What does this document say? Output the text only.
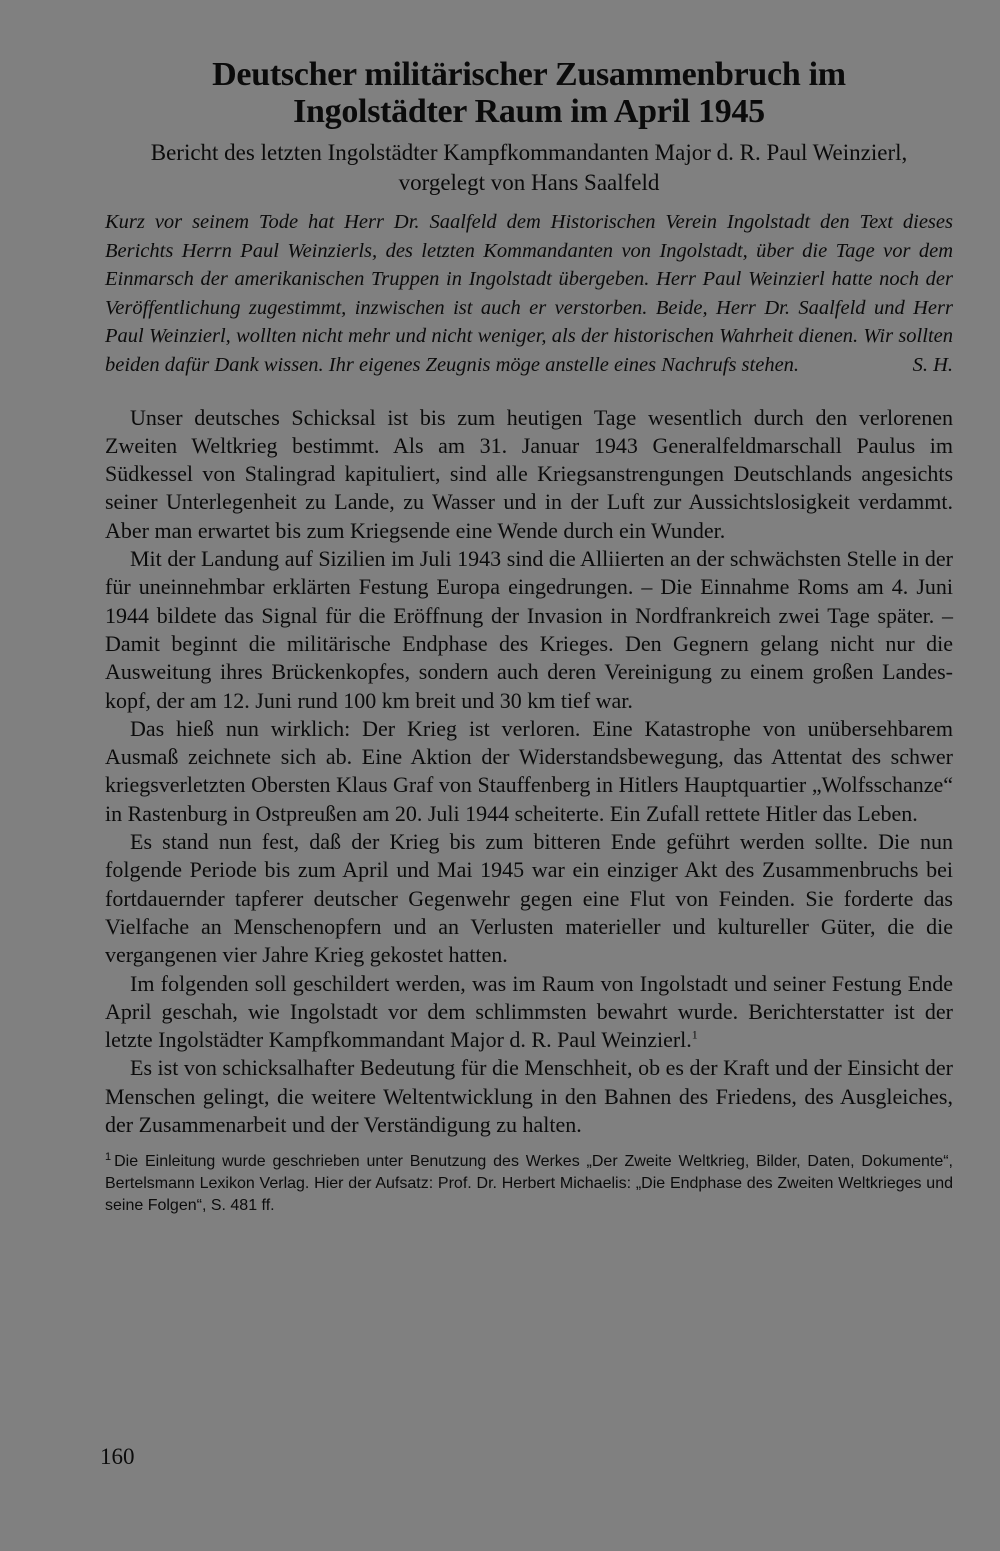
Deutscher militärischer Zusammenbruch im
Ingolstädter Raum im April 1945

Bericht des letzten Ingolstädter Kampfkommandanten Major d. R. Paul Weinzierl, vorgelegt von Hans Saalfeld

Kurz vor seinem Tode hat Herr Dr. Saalfeld dem Historischen Verein Ingolstadt den Text dieses Berichts Herrn Paul Weinzierls, des letzten Kommandanten von Ingolstadt, über die Tage vor dem Einmarsch der amerikanischen Truppen in Ingolstadt übergeben. Herr Paul Weinzierl hatte noch der Veröffentlichung zugestimmt, inzwischen ist auch er verstorben. Beide, Herr Dr. Saalfeld und Herr Paul Weinzierl, wollten nicht mehr und nicht weniger, als der historischen Wahrheit dienen. Wir sollten beiden dafür Dank wissen. Ihr eigenes Zeugnis möge anstelle eines Nachrufs stehen.	S. H.

Unser deutsches Schicksal ist bis zum heutigen Tage wesentlich durch den verlorenen Zweiten Weltkrieg bestimmt. Als am 31. Januar 1943 Generalfeldmarschall Paulus im Südkessel von Stalingrad kapituliert, sind alle Kriegsanstrengungen Deutschlands angesichts seiner Unterlegenheit zu Lande, zu Wasser und in der Luft zur Aussichtslosigkeit verdammt. Aber man erwartet bis zum Kriegsende eine Wende durch ein Wunder.

Mit der Landung auf Sizilien im Juli 1943 sind die Alliierten an der schwächsten Stelle in der für uneinnehmbar erklärten Festung Europa eingedrungen. – Die Einnahme Roms am 4. Juni 1944 bildete das Signal für die Eröffnung der Invasion in Nordfrankreich zwei Tage später. – Damit beginnt die militärische Endphase des Krieges. Den Gegnern gelang nicht nur die Ausweitung ihres Brückenkopfes, sondern auch deren Vereinigung zu einem großen Landeskopf, der am 12. Juni rund 100 km breit und 30 km tief war.

Das hieß nun wirklich: Der Krieg ist verloren. Eine Katastrophe von unübersehbarem Ausmaß zeichnete sich ab. Eine Aktion der Widerstandsbewegung, das Attentat des schwer kriegsverletzten Obersten Klaus Graf von Stauffenberg in Hitlers Hauptquartier „Wolfsschanze“ in Rastenburg in Ostpreußen am 20. Juli 1944 scheiterte. Ein Zufall rettete Hitler das Leben.

Es stand nun fest, daß der Krieg bis zum bitteren Ende geführt werden sollte. Die nun folgende Periode bis zum April und Mai 1945 war ein einziger Akt des Zusammenbruchs bei fortdauernder tapferer deutscher Gegenwehr gegen eine Flut von Feinden. Sie forderte das Vielfache an Menschenopfern und an Verlusten materieller und kultureller Güter, die die vergangenen vier Jahre Krieg gekostet hatten.

Im folgenden soll geschildert werden, was im Raum von Ingolstadt und seiner Festung Ende April geschah, wie Ingolstadt vor dem schlimmsten bewahrt wurde. Berichterstatter ist der letzte Ingolstädter Kampfkommandant Major d. R. Paul Weinzierl.$^1$

Es ist von schicksalhafter Bedeutung für die Menschheit, ob es der Kraft und der Einsicht der Menschen gelingt, die weitere Weltentwicklung in den Bahnen des Friedens, des Ausgleiches, der Zusammenarbeit und der Verständigung zu halten.

$^1$ Die Einleitung wurde geschrieben unter Benutzung des Werkes „Der Zweite Weltkrieg, Bilder, Daten, Dokumente“, Bertelsmann Lexikon Verlag. Hier der Aufsatz: Prof. Dr. Herbert Michaelis: „Die Endphase des Zweiten Weltkrieges und seine Folgen“, S. 481 ff.

160
